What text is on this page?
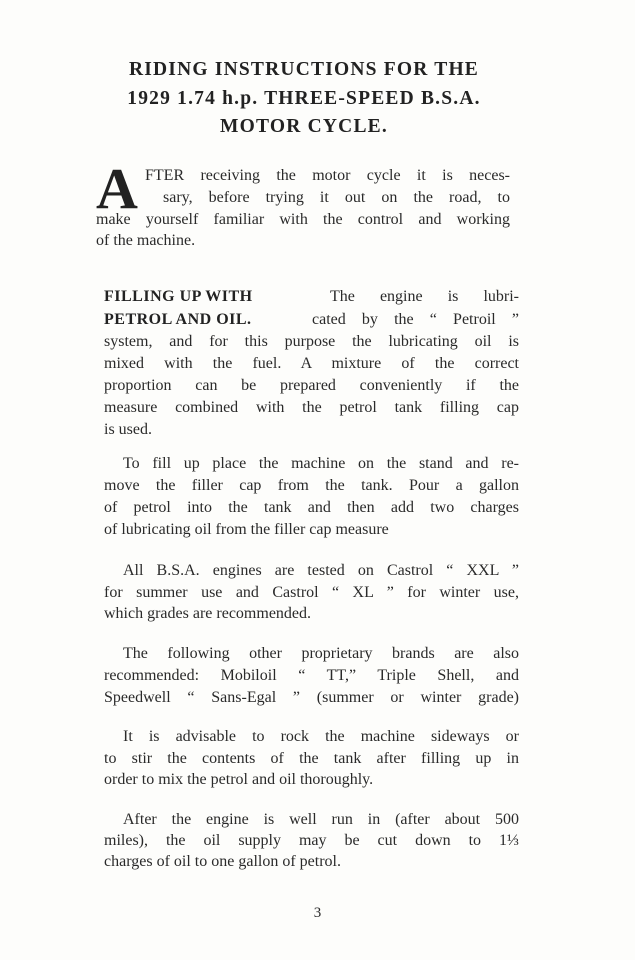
RIDING INSTRUCTIONS FOR THE
1929 1.74 h.p. THREE-SPEED B.S.A.
MOTOR CYCLE.
A FTER receiving the motor cycle it is neces-
sary, before trying it out on the road, to
make yourself familiar with the control and working
of the machine.
FILLING UP WITH
PETROL AND OIL.
The engine is lubri-
cated by the “ Petroil ”
system, and for this purpose the lubricating oil is
mixed with the fuel. A mixture of the correct
proportion can be prepared conveniently if the
measure combined with the petrol tank filling cap
is used.
To fill up place the machine on the stand and re-
move the filler cap from the tank. Pour a gallon
of petrol into the tank and then add two charges
of lubricating oil from the filler cap measure
All B.S.A. engines are tested on Castrol “ XXL ”
for summer use and Castrol “ XL ” for winter use,
which grades are recommended.
The following other proprietary brands are also
recommended: Mobiloil “ TT,” Triple Shell, and
Speedwell “ Sans-Egal ” (summer or winter grade)
It is advisable to rock the machine sideways or
to stir the contents of the tank after filling up in
order to mix the petrol and oil thoroughly.
After the engine is well run in (after about 500
miles), the oil supply may be cut down to 1⅓
charges of oil to one gallon of petrol.
3
